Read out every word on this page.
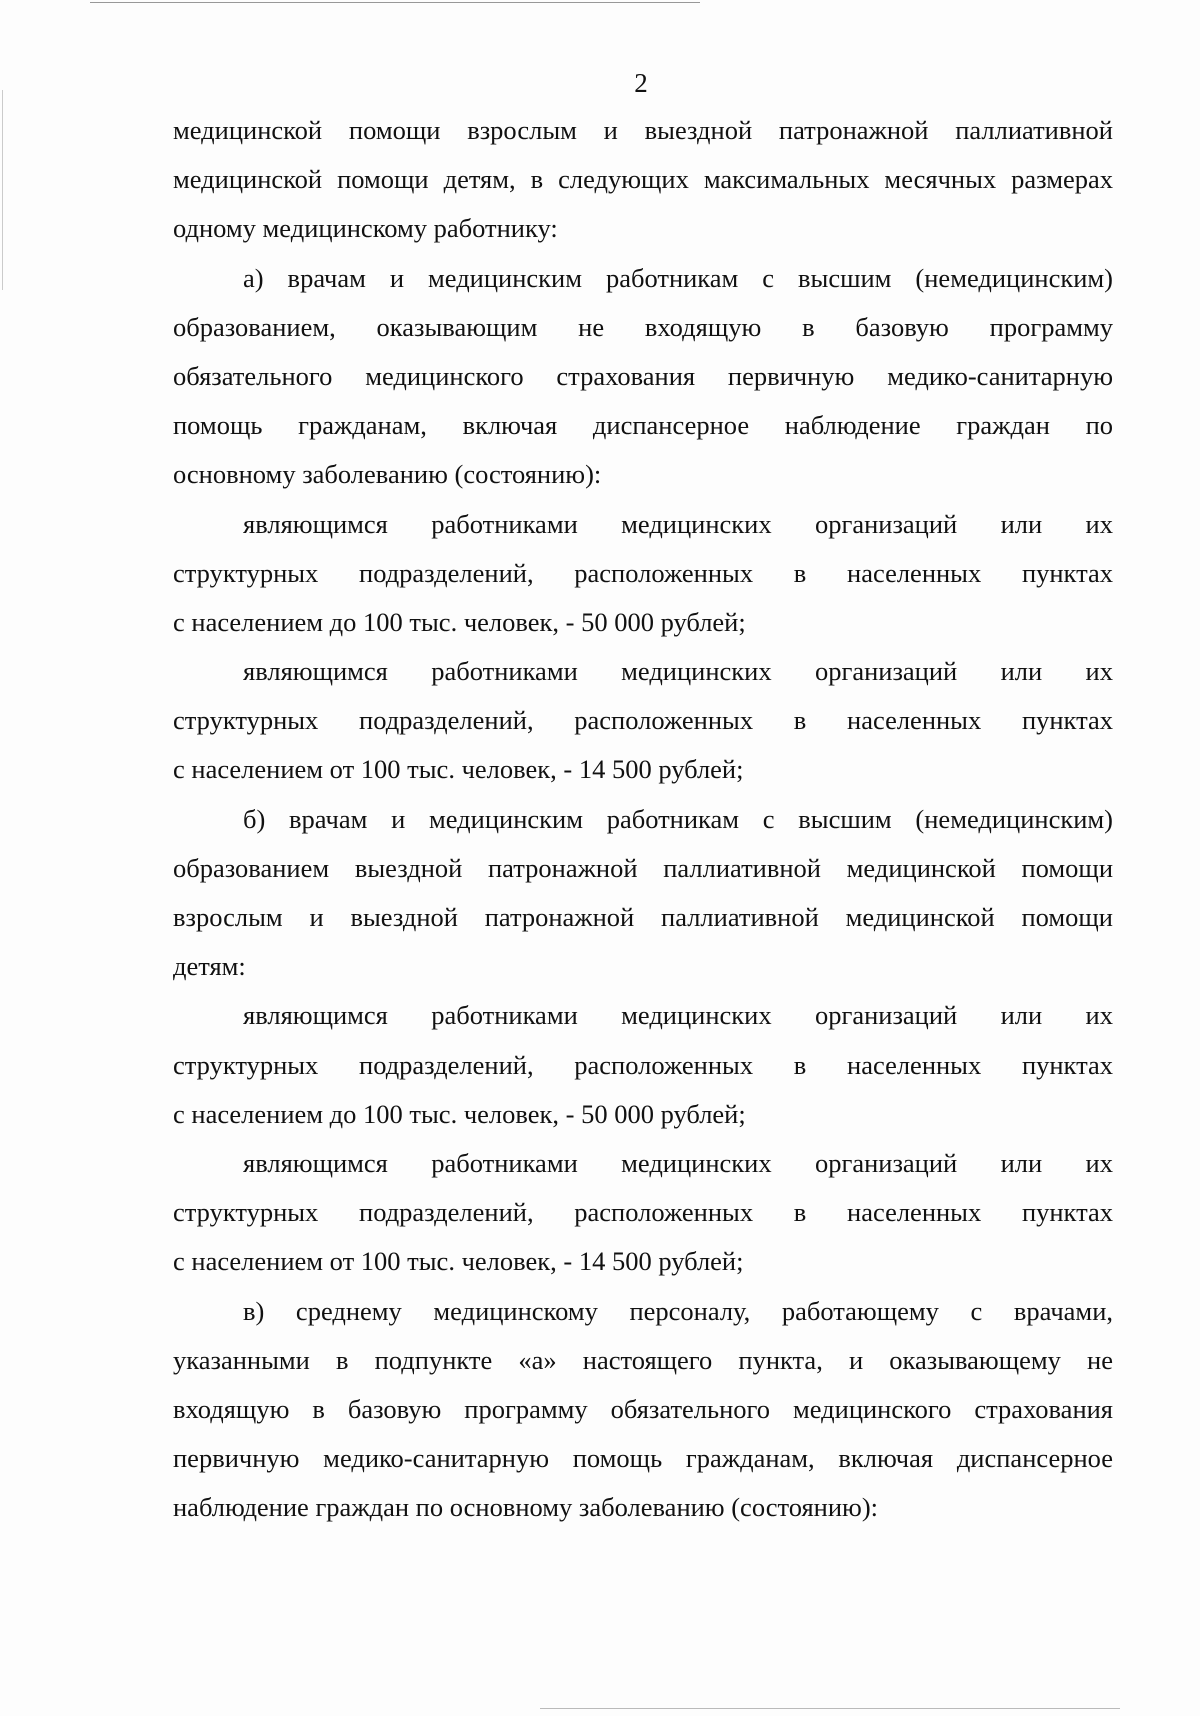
2
медицинской помощи взрослым и выездной патронажной паллиативной
медицинской помощи детям, в следующих максимальных месячных размерах
одному медицинскому работнику:
а) врачам и медицинским работникам с высшим (немедицинским)
образованием, оказывающим не входящую в базовую программу
обязательного медицинского страхования первичную медико-санитарную
помощь гражданам, включая диспансерное наблюдение граждан по
основному заболеванию (состоянию):
являющимся работниками медицинских организаций или их
структурных подразделений, расположенных в населенных пунктах
с населением до 100 тыс. человек, - 50 000 рублей;
являющимся работниками медицинских организаций или их
структурных подразделений, расположенных в населенных пунктах
с населением от 100 тыс. человек, - 14 500 рублей;
б) врачам и медицинским работникам с высшим (немедицинским)
образованием выездной патронажной паллиативной медицинской помощи
взрослым и выездной патронажной паллиативной медицинской помощи
детям:
являющимся работниками медицинских организаций или их
структурных подразделений, расположенных в населенных пунктах
с населением до 100 тыс. человек, - 50 000 рублей;
являющимся работниками медицинских организаций или их
структурных подразделений, расположенных в населенных пунктах
с населением от 100 тыс. человек, - 14 500 рублей;
в) среднему медицинскому персоналу, работающему с врачами,
указанными в подпункте «а» настоящего пункта, и оказывающему не
входящую в базовую программу обязательного медицинского страхования
первичную медико-санитарную помощь гражданам, включая диспансерное
наблюдение граждан по основному заболеванию (состоянию):
